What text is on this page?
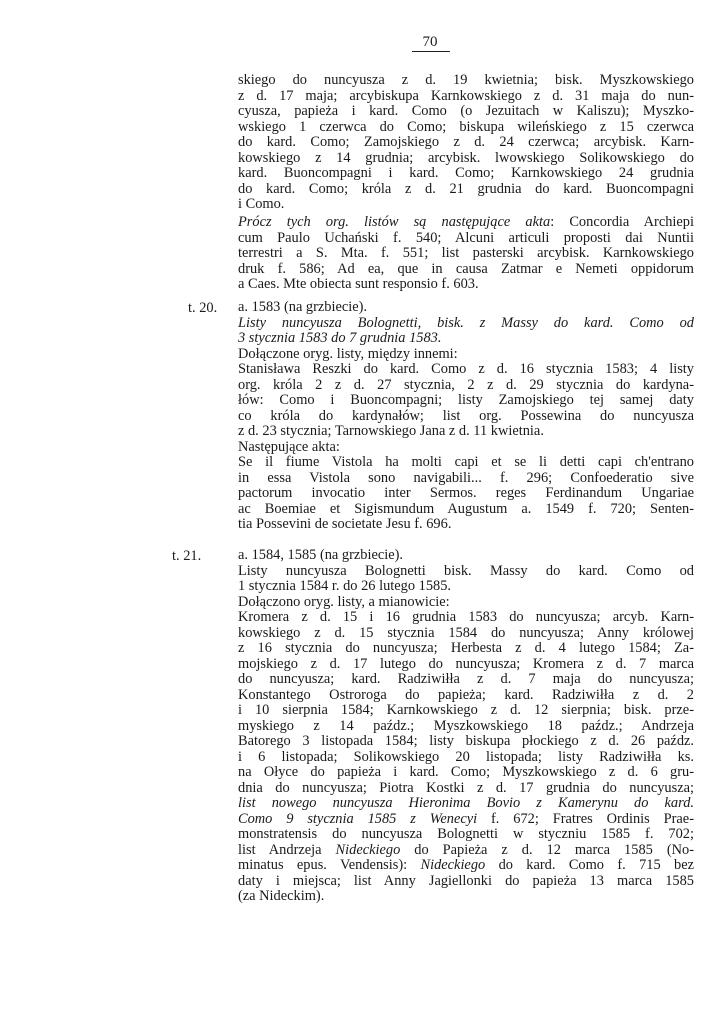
70
skiego do nuncyusza z d. 19 kwietnia; bisk. Myszkowskiego
z d. 17 maja; arcybiskupa Karnkowskiego z d. 31 maja do nun-
cyusza, papieża i kard. Como (o Jezuitach w Kaliszu); Myszko-
wskiego 1 czerwca do Como; biskupa wileńskiego z 15 czerwca
do kard. Como; Zamojskiego z d. 24 czerwca; arcybisk. Karn-
kowskiego z 14 grudnia; arcybisk. lwowskiego Solikowskiego do
kard. Buoncompagni i kard. Como; Karnkowskiego 24 grudnia
do kard. Como; króla z d. 21 grudnia do kard. Buoncompagni
i Como.
Prócz tych org. listów są następujące akta: Concordia Archiepi
cum Paulo Uchański f. 540; Alcuni articuli proposti dai Nuntii
terrestri a S. Mta. f. 551; list pasterski arcybisk. Karnkowskiego
druk f. 586; Ad ea, que in causa Zatmar e Nemeti oppidorum
a Caes. Mte obiecta sunt responsio f. 603.
t. 20. a. 1583 (na grzbiecie).
Listy nuncyusza Bolognetti, bisk. z Massy do kard. Como od
3 stycznia 1583 do 7 grudnia 1583.
Dołączone oryg. listy, między innemi:
Stanisława Reszki do kard. Como z d. 16 stycznia 1583; 4 listy
org. króla 2 z d. 27 stycznia, 2 z d. 29 stycznia do kardyna-
łów: Como i Buoncompagni; listy Zamojskiego tej samej daty
co króla do kardynałów; list org. Possewina do nuncyusza
z d. 23 stycznia; Tarnowskiego Jana z d. 11 kwietnia.
Następujące akta:
Se il fiume Vistola ha molti capi et se li detti capi ch'entrano
in essa Vistola sono navigabili... f. 296; Confoederatio sive
pactorum invocatio inter Sermos. reges Ferdinandum Ungariae
ac Boemiae et Sigismundum Augustum a. 1549 f. 720; Senten-
tia Possevini de societate Jesu f. 696.
t. 21.	a. 1584, 1585 (na grzbiecie).
Listy nuncyusza Bolognetti bisk. Massy do kard. Como od
1 stycznia 1584 r. do 26 lutego 1585.
Dołączono oryg. listy, a mianowicie:
Kromera z d. 15 i 16 grudnia 1583 do nuncyusza; arcyb. Karn-
kowskiego z d. 15 stycznia 1584 do nuncyusza; Anny królowej
z 16 stycznia do nuncyusza; Herbesta z d. 4 lutego 1584; Za-
mojskiego z d. 17 lutego do nuncyusza; Kromera z d. 7 marca
do nuncyusza; kard. Radziwiłła z d. 7 maja do nuncyusza;
Konstantego Ostroroga do papieża; kard. Radziwiłła z d. 2
i 10 sierpnia 1584; Karnkowskiego z d. 12 sierpnia; bisk. prze-
myskiego z 14 paźdz.; Myszkowskiego 18 paźdz.; Andrzeja
Batorego 3 listopada 1584; listy biskupa płockiego z d. 26 paźdz.
i 6 listopada; Solikowskiego 20 listopada; listy Radziwiłła ks.
na Ołyce do papieża i kard. Como; Myszkowskiego z d. 6 gru-
dnia do nuncyusza; Piotra Kostki z d. 17 grudnia do nuncyusza;
list nowego nuncyusza Hieronima Bovio z Kamerynu do kard.
Como 9 stycznia 1585 z Wenecyi f. 672; Fratres Ordinis Prae-
monstratensis do nuncyusza Bolognetti w styczniu 1585 f. 702;
list Andrzeja Nideckiego do Papieża z d. 12 marca 1585 (No-
minatus epus. Vendensis): Nideckiego do kard. Como f. 715 bez
daty i miejsca; list Anny Jagiellonki do papieża 13 marca 1585
(za Nideckim).
